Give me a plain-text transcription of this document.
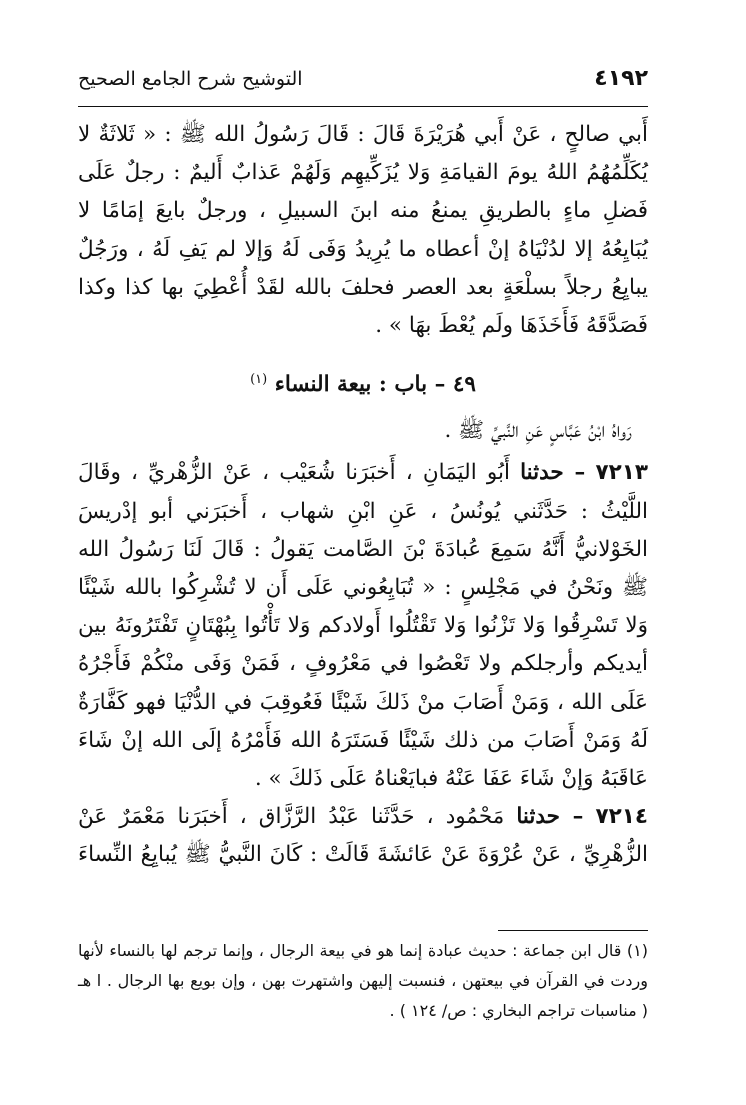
٤١٩٢
التوشيح شرح الجامع الصحيح

أَبي صالحٍ ، عَنْ أَبي هُرَيْرَةَ قَالَ : قَالَ رَسُولُ الله ﷺ : « ثَلاثَةٌ لا يُكَلِّمُهُمُ اللهُ يومَ القيامَةِ وَلا يُزَكِّيهِم وَلَهُمْ عَذابٌ أَليمٌ : رجلٌ عَلَى فَضلِ ماءٍ بالطريقِ يمنعُ منه ابنَ السبيلِ ، ورجلٌ بايعَ إمَامًا لا يُبَايِعُهُ إلا لدُنْيَاهُ إنْ أعطاه ما يُرِيدُ وَفَى لَهُ وَإلا لم يَفِ لَهُ ، ورَجُلٌ يبايِعُ رجلاً بسلْعَةٍ بعد العصر فحلفَ بالله لقَدْ أُعْطِيَ بها كذا وكذا فَصَدَّقَهُ فَأَخَذَهَا ولَم يُعْطَ بهَا » .

٤٩ – باب : بيعة النساء $^{(١)}$

رَواهُ ابْنُ عَبَّاسٍ عَنِ النَّبيِّ ﷺ .

٧٢١٣ – حدثنا أَبُو اليَمَانِ ، أَخبَرَنا شُعَيْب ، عَنْ الزُّهْريِّ ، وقَالَ اللَّيْثُ : حَدَّثَني يُونُسُ ، عَنِ ابْنِ شهاب ، أَخبَرَني أبو إدْريسَ الخَوْلانيُّ أَنَّهُ سَمِعَ عُبادَةَ بْنَ الصَّامت يَقولُ : قَالَ لَنَا رَسُولُ الله ﷺ ونَحْنُ في مَجْلِسٍ : « تُبَايِعُوني عَلَى أَن لا تُشْرِكُوا بالله شَيْئًا وَلا تَسْرِقُوا وَلا تَزْنُوا وَلا تَقْتُلُوا أَولادكم وَلا تَأْتُوا بِبُهْتَانٍ تَفْتَرُونَهُ بين أيديكم وأرجلكم ولا تَعْصُوا في مَعْرُوفٍ ، فَمَنْ وَفَى منْكُمْ فَأَجْرُهُ عَلَى الله ، وَمَنْ أَصَابَ منْ ذَلكَ شَيْئًا فَعُوقِبَ في الدُّنْيَا فهو كَفَّارَةٌ لَهُ وَمَنْ أَصَابَ من ذلك شَيْئًا فَسَتَرَهُ الله فَأَمْرُهُ إلَى الله إنْ شَاءَ عَاقَبَهُ وَإنْ شَاءَ عَفَا عَنْهُ فبايَعْناهُ عَلَى ذَلكَ » .

٧٢١٤ – حدثنا مَحْمُود ، حَدَّثَنا عَبْدُ الرَّزَّاق ، أَخبَرَنا مَعْمَرٌ عَنْ الزُّهْرِيِّ ، عَنْ عُرْوَةَ عَنْ عَائشَةَ قَالَتْ : كَانَ النَّبيُّ ﷺ يُبايِعُ النِّساءَ

(١) قال ابن جماعة : حديث عبادة إنما هو في بيعة الرجال ، وإنما ترجم لها بالنساء لأنها وردت في القرآن في بيعتهن ، فنسبت إليهن واشتهرت بهن ، وإن بويع بها الرجال . ا هـ ( مناسبات تراجم البخاري : ص/ ١٢٤ ) .
